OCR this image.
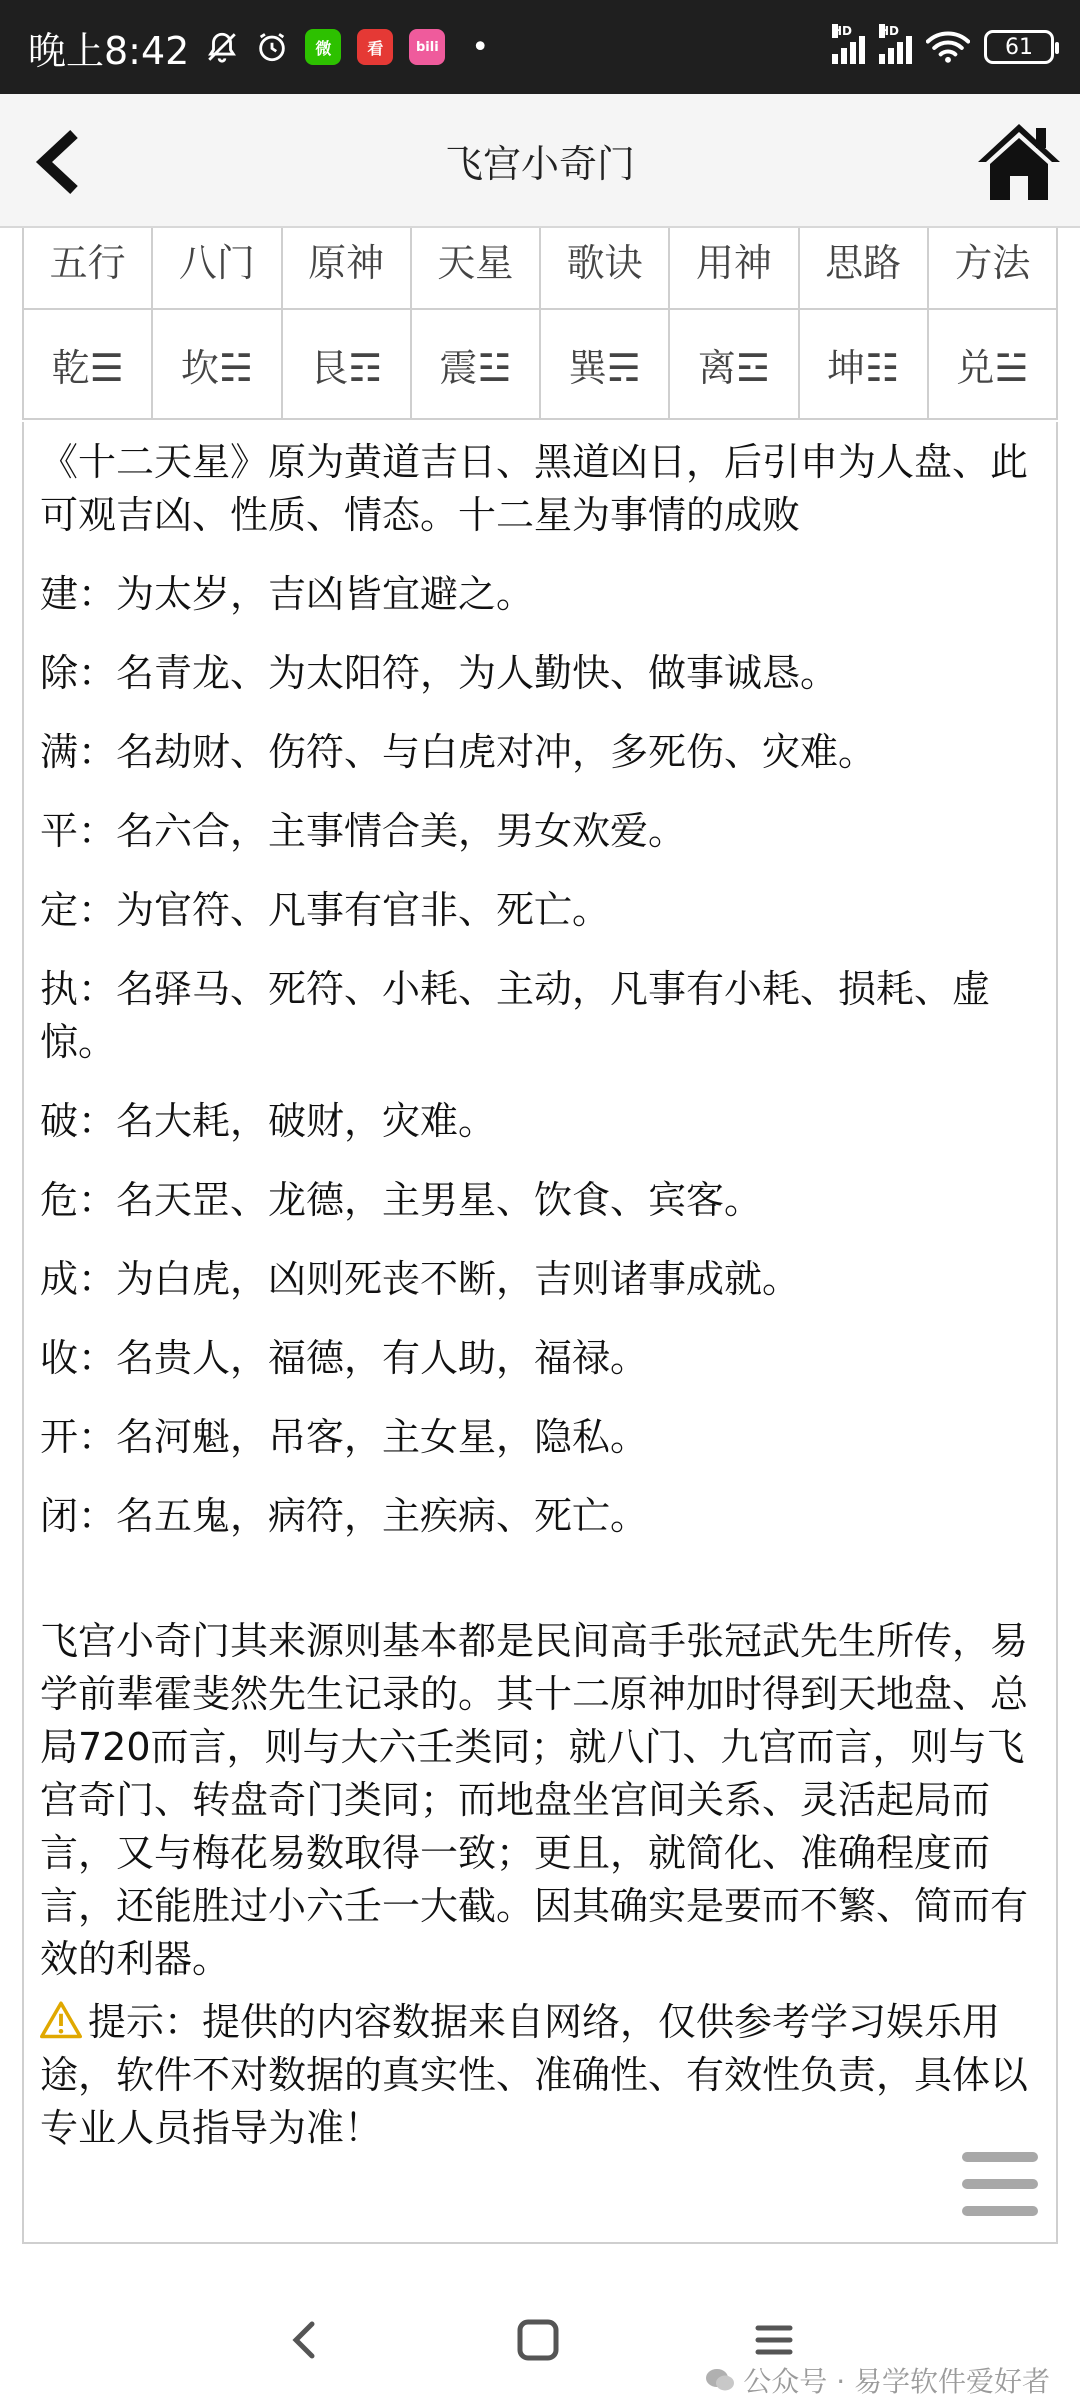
晚上8:42	微	看	bili •	HD HD
61
飞宫小奇门
五行	八门	原神	天星	歌诀	用神	思路	方法
乾☰	坎☵	艮☶	震☳	巽☴	离☲	坤☷	兑☱

《十二天星》原为黄道吉日、黑道凶日，后引申为人盘、此可观吉凶、性质、情态。十二星为事情的成败

建：为太岁，吉凶皆宜避之。

除：名青龙、为太阳符，为人勤快、做事诚恳。

满：名劫财、伤符、与白虎对冲，多死伤、灾难。

平：名六合，主事情合美，男女欢爱。

定：为官符、凡事有官非、死亡。

执：名驿马、死符、小耗、主动，凡事有小耗、损耗、虚惊。

破：名大耗，破财，灾难。

危：名天罡、龙德，主男星、饮食、宾客。

成：为白虎，凶则死丧不断，吉则诸事成就。

收：名贵人，福德，有人助，福禄。

开：名河魁，吊客，主女星，隐私。

闭：名五鬼，病符，主疾病、死亡。

飞宫小奇门其来源则基本都是民间高手张冠武先生所传，易学前辈霍斐然先生记录的。其十二原神加时得到天地盘、总局720而言，则与大六壬类同；就八门、九宫而言，则与飞宫奇门、转盘奇门类同；而地盘坐宫间关系、灵活起局而言，又与梅花易数取得一致；更且，就简化、准确程度而言，还能胜过小六壬一大截。因其确实是要而不繁、简而有效的利器。

提示：提供的内容数据来自网络，仅供参考学习娱乐用途，软件不对数据的真实性、准确性、有效性负责，具体以专业人员指导为准！

公众号 · 易学软件爱好者
